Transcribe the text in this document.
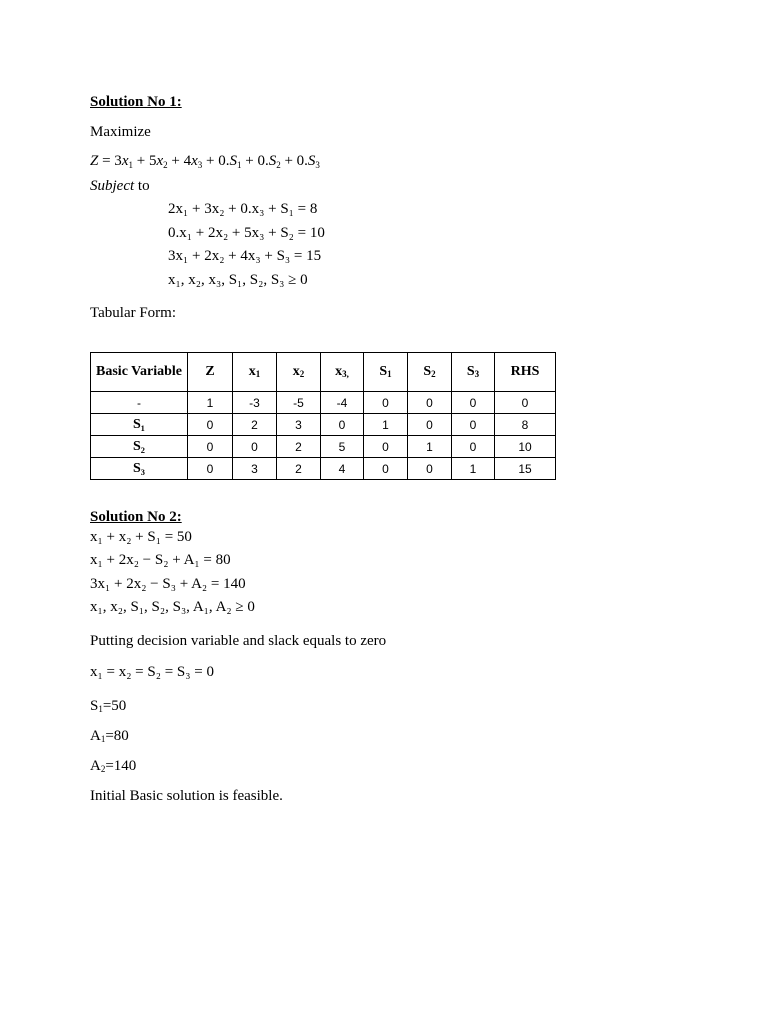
Solution No 1:
Maximize
$Z = 3x_1 + 5x_2 + 4x_3 + 0.S_1 + 0.S_2 + 0.S_3$
Subject to
2x₁ + 3x₂ + 0.x₃ + S₁ = 8
0.x₁ + 2x₂ + 5x₃ + S₂ = 10
3x₁ + 2x₂ + 4x₃ + S₃ = 15
x₁, x₂, x₃, S₁, S₂, S₃ ≥ 0
Tabular Form:
Basic Variable	Z	$x_1$	$x_2$	$x_{3,}$	$S_1$	$S_2$	$S_3$	RHS
-	1	-3	-5	-4	0	0	0	0
S₁	0	2	3	0	1	0	0	8
S₂	0	0	2	5	0	1	0	10
S₃	0	3	2	4	0	0	1	15
Solution No 2:
x₁ + x₂ + S₁ = 50
x₁ + 2x₂ − S₂ + A₁ = 80
3x₁ + 2x₂ − S₃ + A₂ = 140
x₁, x₂, S₁, S₂, S₃, A₁, A₂ ≥ 0
Putting decision variable and slack equals to zero
x₁ = x₂ = S₂ = S₃ = 0
S1=50
A1=80
A2=140
Initial Basic solution is feasible.
